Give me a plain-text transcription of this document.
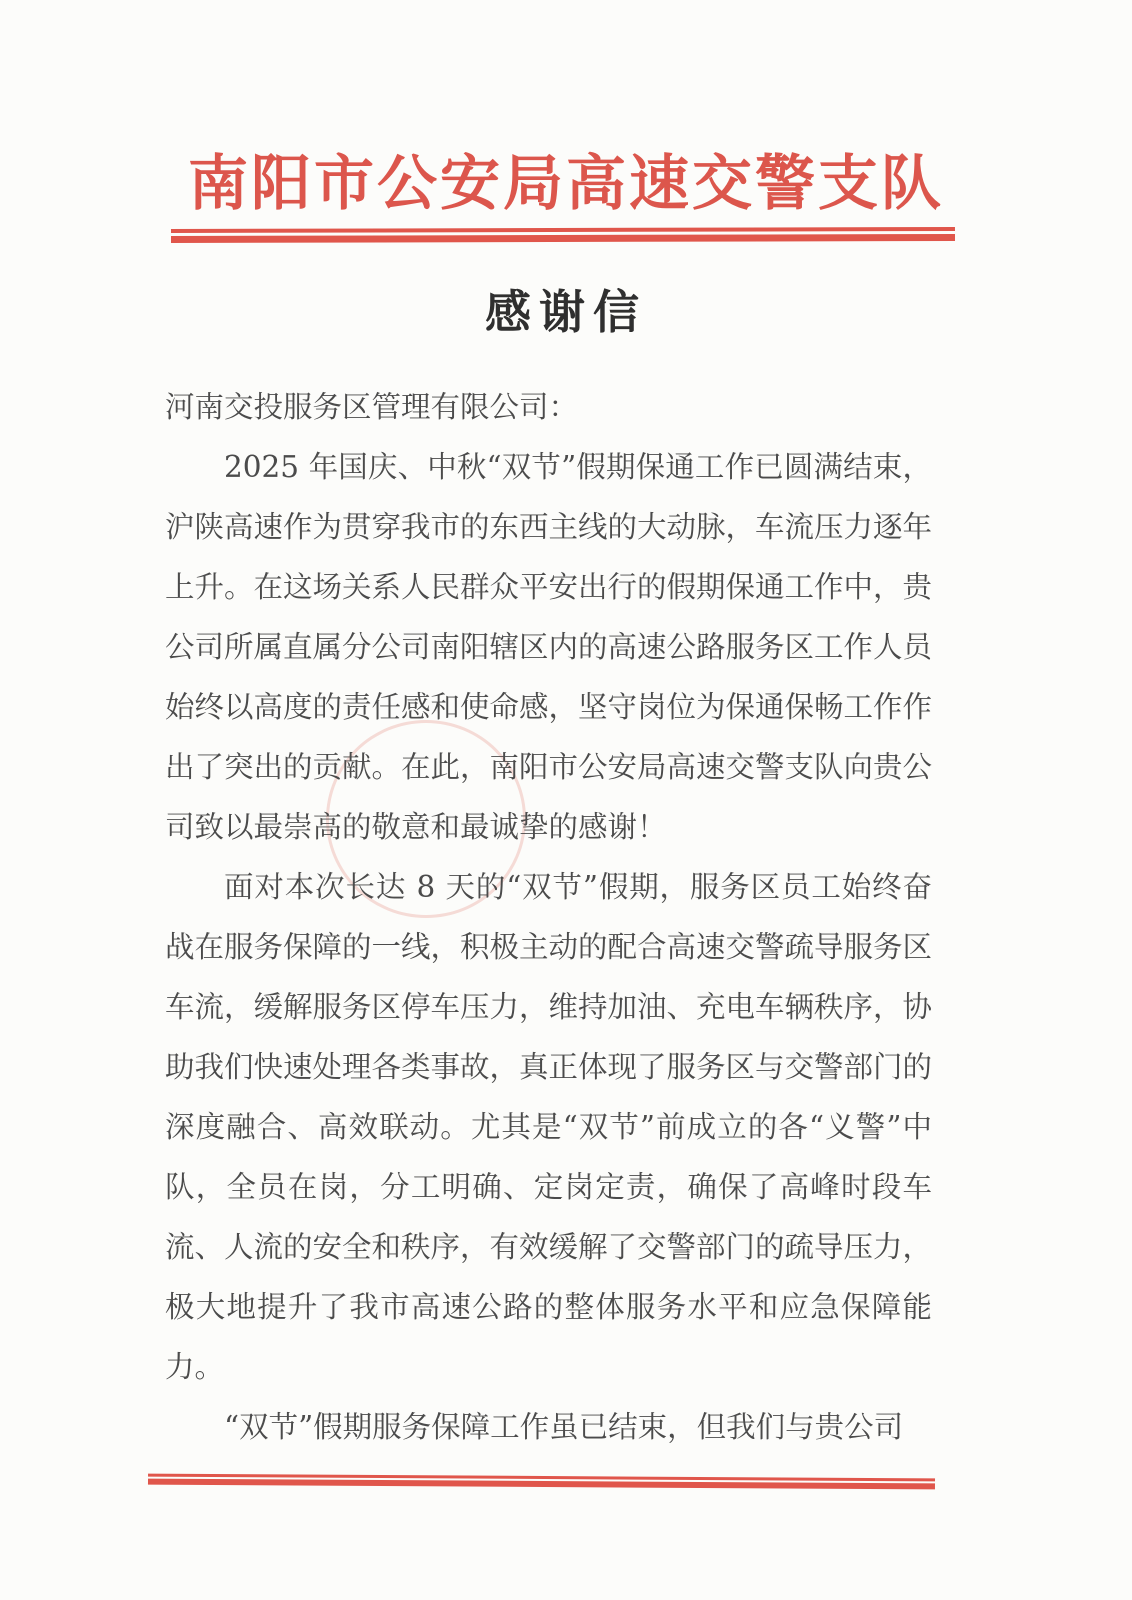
南阳市公安局高速交警支队
感谢信

河南交投服务区管理有限公司：

2025 年国庆、中秋“双节”假期保通工作已圆满结束，沪陕高速作为贯穿我市的东西主线的大动脉，车流压力逐年上升。在这场关系人民群众平安出行的假期保通工作中，贵公司所属直属分公司南阳辖区内的高速公路服务区工作人员始终以高度的责任感和使命感，坚守岗位为保通保畅工作作出了突出的贡献。在此，南阳市公安局高速交警支队向贵公司致以最崇高的敬意和最诚挚的感谢！

面对本次长达 8 天的“双节”假期，服务区员工始终奋战在服务保障的一线，积极主动的配合高速交警疏导服务区车流，缓解服务区停车压力，维持加油、充电车辆秩序，协助我们快速处理各类事故，真正体现了服务区与交警部门的深度融合、高效联动。尤其是“双节”前成立的各“义警”中队，全员在岗，分工明确、定岗定责，确保了高峰时段车流、人流的安全和秩序，有效缓解了交警部门的疏导压力，极大地提升了我市高速公路的整体服务水平和应急保障能力。

“双节”假期服务保障工作虽已结束，但我们与贵公司
